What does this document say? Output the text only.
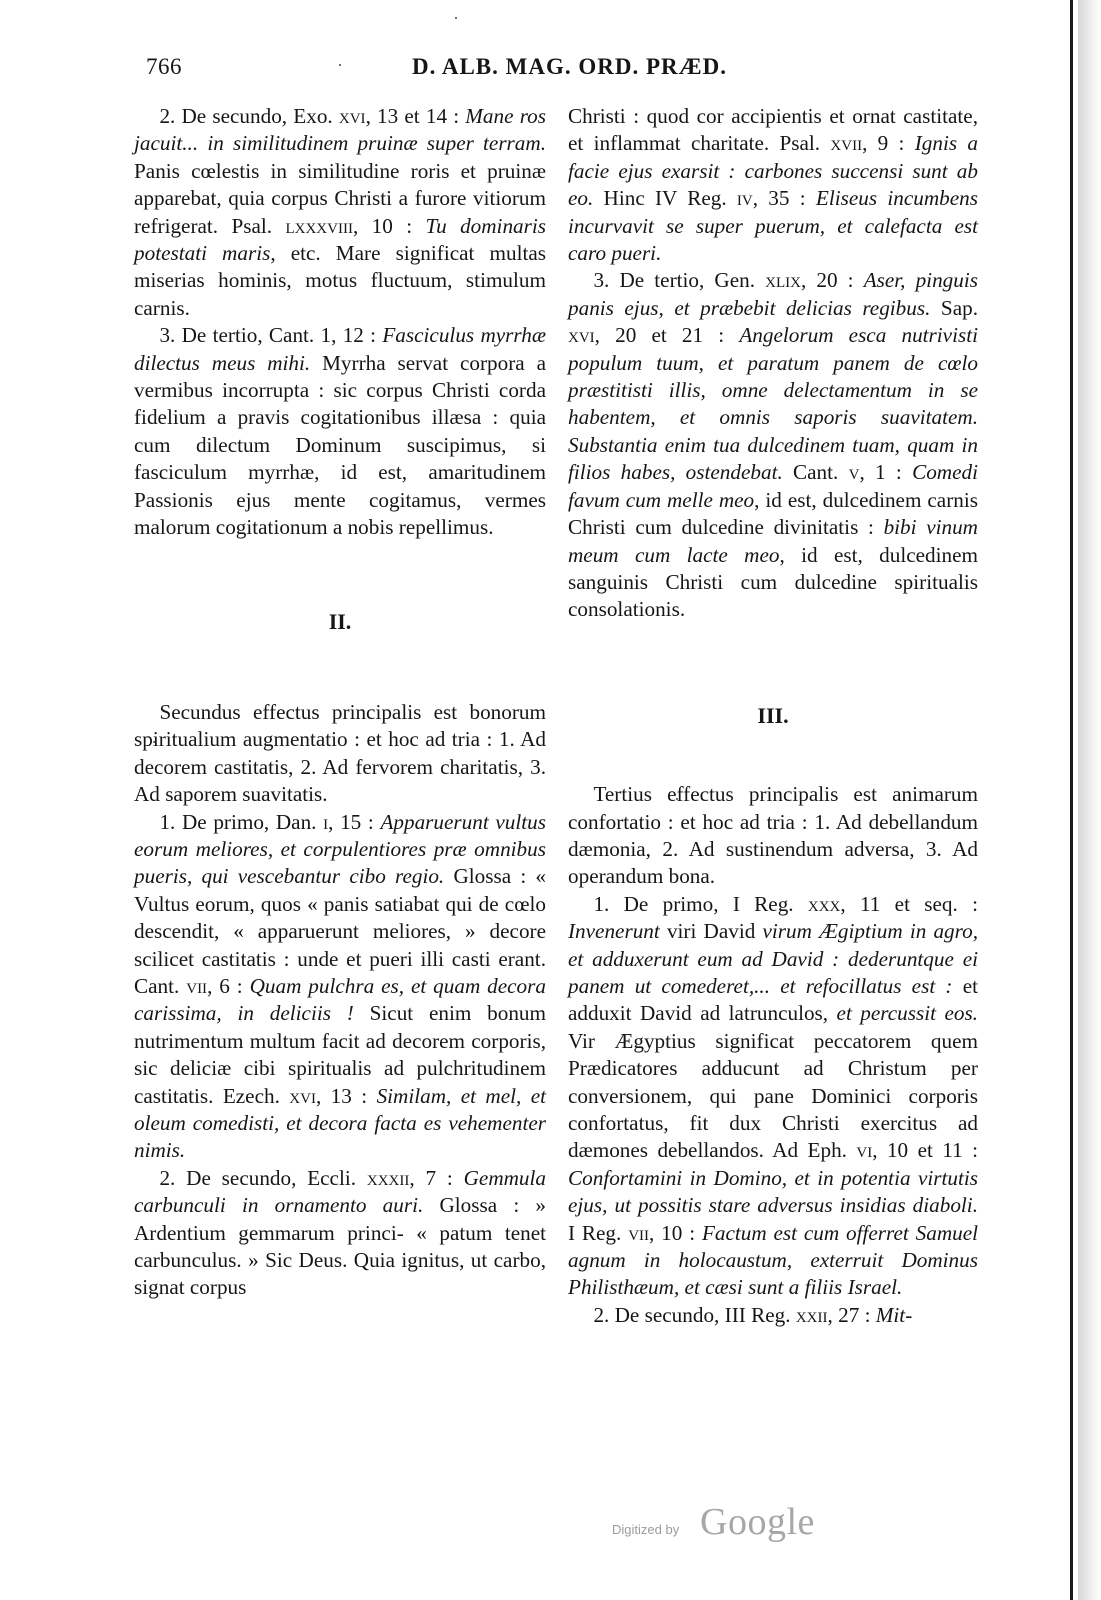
766	D. ALB. MAG. ORD. PRÆD.

2. De secundo, Exo. xvi, 13 et 14 : Mane ros jacuit... in similitudinem pruinæ super terram. Panis cœlestis in similitudine roris et pruinæ apparebat, quia corpus Christi a furore vitiorum refrigerat. Psal. lxxxviii, 10 : Tu dominaris potestati maris, etc. Mare significat multas miserias hominis, motus fluctuum, stimulum carnis.

3. De tertio, Cant. 1, 12 : Fasciculus myrrhæ dilectus meus mihi. Myrrha servat corpora a vermibus incorrupta : sic corpus Christi corda fidelium a pravis cogitationibus illæsa : quia cum dilectum Dominum suscipimus, si fasciculum myrrhæ, id est, amaritudinem Passionis ejus mente cogitamus, vermes malorum cogitationum a nobis repellimus.

II.

Secundus effectus principalis est bonorum spiritualium augmentatio : et hoc ad tria : 1. Ad decorem castitatis, 2. Ad fervorem charitatis, 3. Ad saporem suavitatis.

1. De primo, Dan. i, 15 : Apparuerunt vultus eorum meliores, et corpulentiores præ omnibus pueris, qui vescebantur cibo regio. Glossa : « Vultus eorum, quos « panis satiabat qui de cœlo descendit, « apparuerunt meliores, » decore scilicet castitatis : unde et pueri illi casti erant. Cant. vii, 6 : Quam pulchra es, et quam decora carissima, in deliciis ! Sicut enim bonum nutrimentum multum facit ad decorem corporis, sic deliciæ cibi spiritualis ad pulchritudinem castitatis. Ezech. xvi, 13 : Similam, et mel, et oleum comedisti, et decora facta es vehementer nimis.

2. De secundo, Eccli. xxxii, 7 : Gemmula carbunculi in ornamento auri. Glossa : » Ardentium gemmarum princi- « patum tenet carbunculus. » Sic Deus. Quia ignitus, ut carbo, signat corpus

Christi : quod cor accipientis et ornat castitate, et inflammat charitate. Psal. xvii, 9 : Ignis a facie ejus exarsit : carbones succensi sunt ab eo. Hinc IV Reg. iv, 35 : Eliseus incumbens incurvavit se super puerum, et calefacta est caro pueri.

3. De tertio, Gen. xlix, 20 : Aser, pinguis panis ejus, et præbebit delicias regibus. Sap. xvi, 20 et 21 : Angelorum esca nutrivisti populum tuum, et paratum panem de cœlo præstitisti illis, omne delectamentum in se habentem, et omnis saporis suavitatem. Substantia enim tua dulcedinem tuam, quam in filios habes, ostendebat. Cant. v, 1 : Comedi favum cum melle meo, id est, dulcedinem carnis Christi cum dulcedine divinitatis : bibi vinum meum cum lacte meo, id est, dulcedinem sanguinis Christi cum dulcedine spiritualis consolationis.

III.

Tertius effectus principalis est animarum confortatio : et hoc ad tria : 1. Ad debellandum dæmonia, 2. Ad sustinendum adversa, 3. Ad operandum bona.

1. De primo, I Reg. xxx, 11 et seq. : Invenerunt viri David virum Ægiptium in agro, et adduxerunt eum ad David : dederuntque ei panem ut comederet,... et refocillatus est : et adduxit David ad latrunculos, et percussit eos. Vir Ægyptius significat peccatorem quem Prædicatores adducunt ad Christum per conversionem, qui pane Dominici corporis confortatus, fit dux Christi exercitus ad dæmones debellandos. Ad Eph. vi, 10 et 11 : Confortamini in Domino, et in potentia virtutis ejus, ut possitis stare adversus insidias diaboli. I Reg. vii, 10 : Factum est cum offerret Samuel agnum in holocaustum, exterruit Dominus Philisthæum, et cæsi sunt a filiis Israel.

2. De secundo, III Reg. xxii, 27 : Mit-

Digitized by Google
